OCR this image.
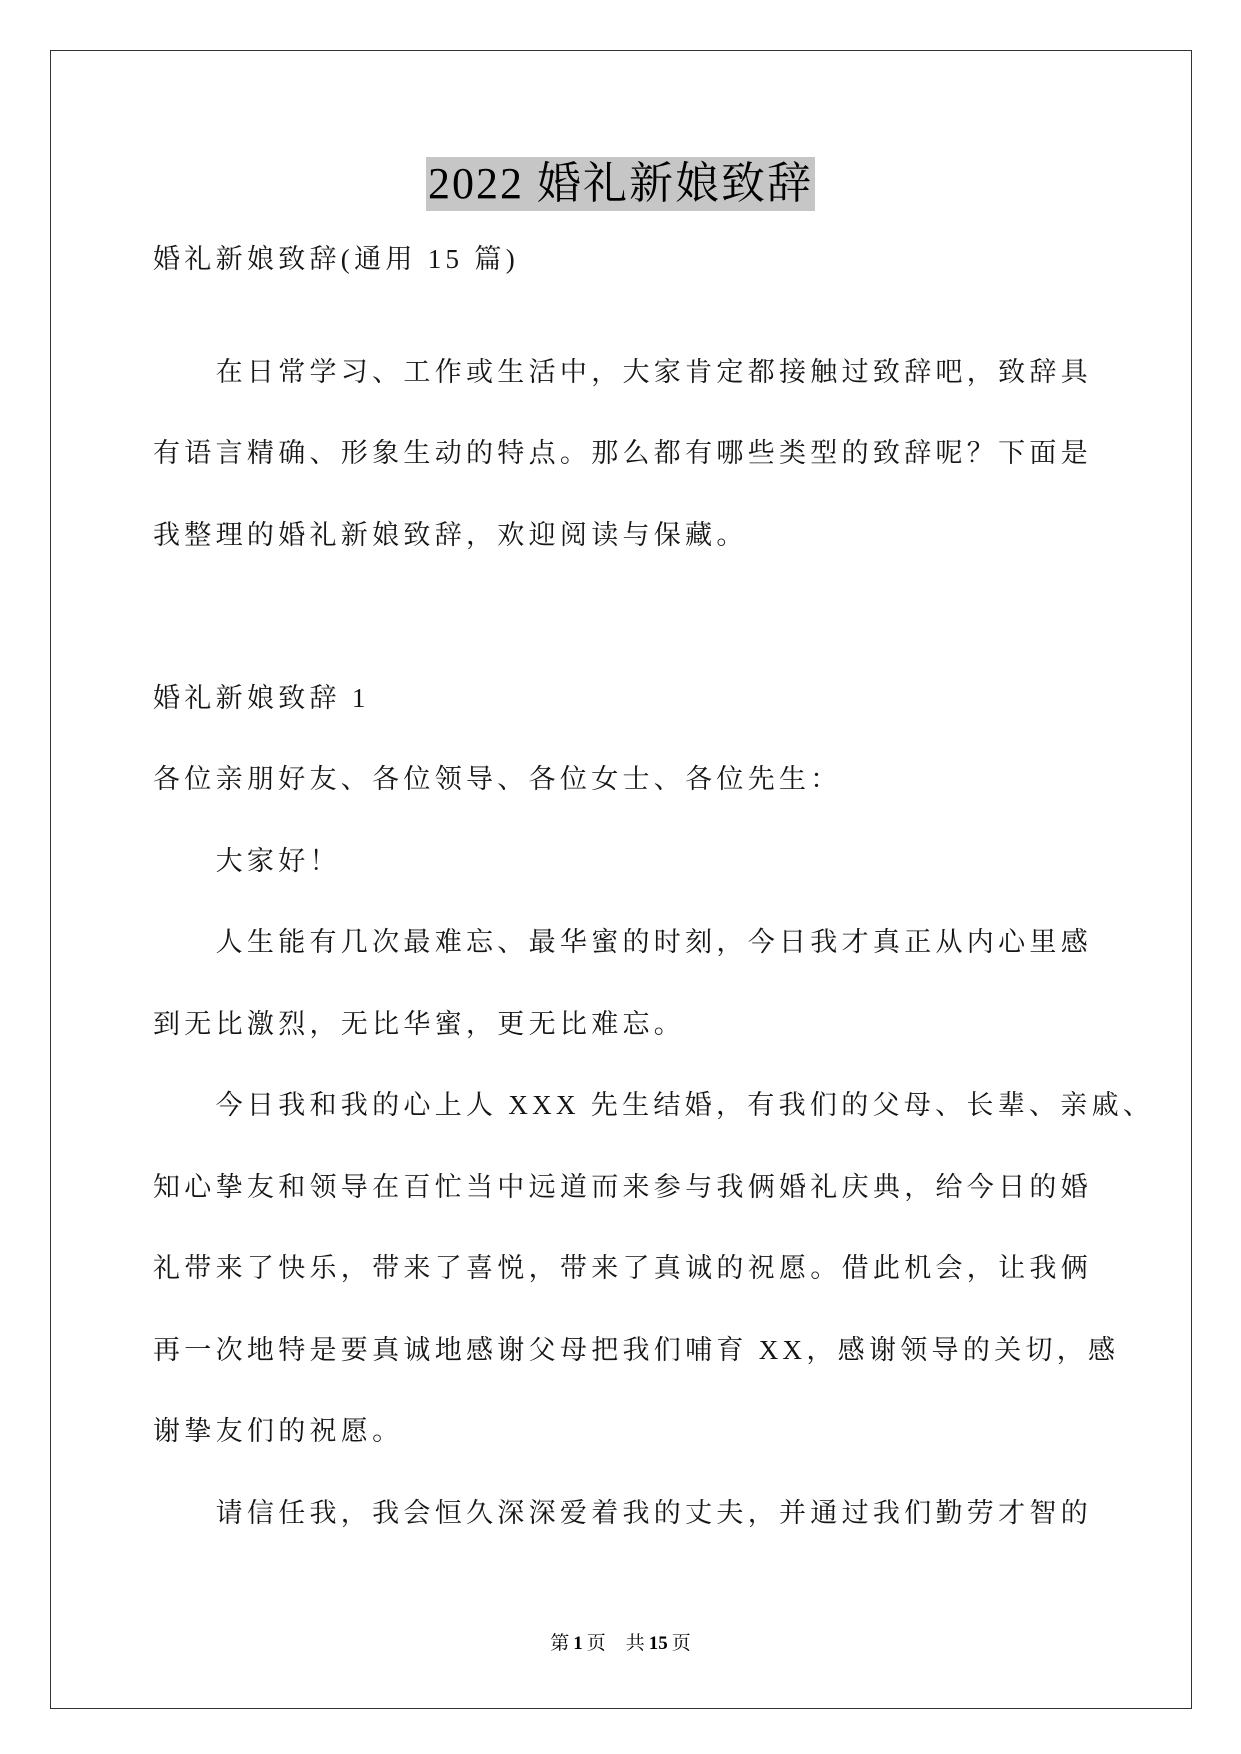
2022 婚礼新娘致辞
婚礼新娘致辞(通用 15 篇)
在日常学习、工作或生活中，大家肯定都接触过致辞吧，致辞具
有语言精确、形象生动的特点。那么都有哪些类型的致辞呢？下面是
我整理的婚礼新娘致辞，欢迎阅读与保藏。
婚礼新娘致辞 1
各位亲朋好友、各位领导、各位女士、各位先生：
大家好！
人生能有几次最难忘、最华蜜的时刻，今日我才真正从内心里感
到无比激烈，无比华蜜，更无比难忘。
今日我和我的心上人 XXX 先生结婚，有我们的父母、长辈、亲戚、
知心挚友和领导在百忙当中远道而来参与我俩婚礼庆典，给今日的婚
礼带来了快乐，带来了喜悦，带来了真诚的祝愿。借此机会，让我俩
再一次地特是要真诚地感谢父母把我们哺育 XX，感谢领导的关切，感
谢挚友们的祝愿。
请信任我，我会恒久深深爱着我的丈夫，并通过我们勤劳才智的
第 1 页 共 15 页
